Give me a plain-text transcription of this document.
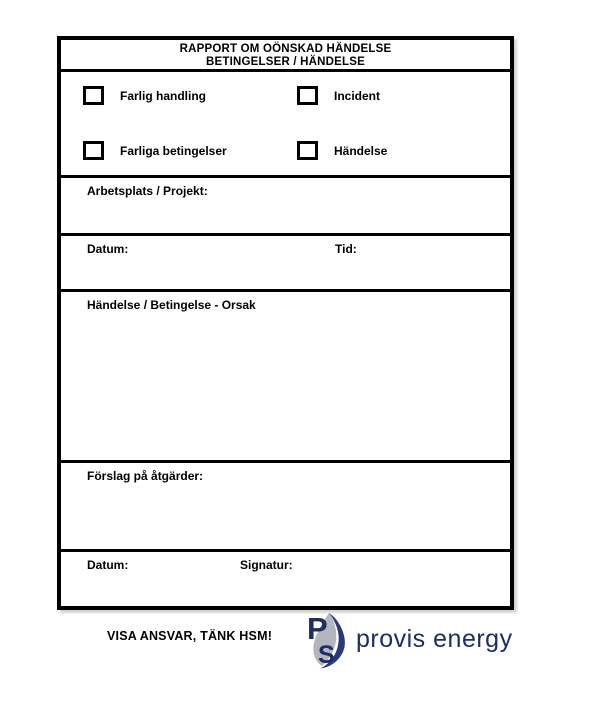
RAPPORT OM OÖNSKAD HÄNDELSE
BETINGELSER / HÄNDELSE
Farlig handling	Incident
Farliga betingelser	Händelse
Arbetsplats / Projekt:
Datum:	Tid:
Händelse / Betingelse - Orsak
Förslag på åtgärder:
Datum:	Signatur:
VISA ANSVAR, TÄNK HSM! P
S
provis energy
